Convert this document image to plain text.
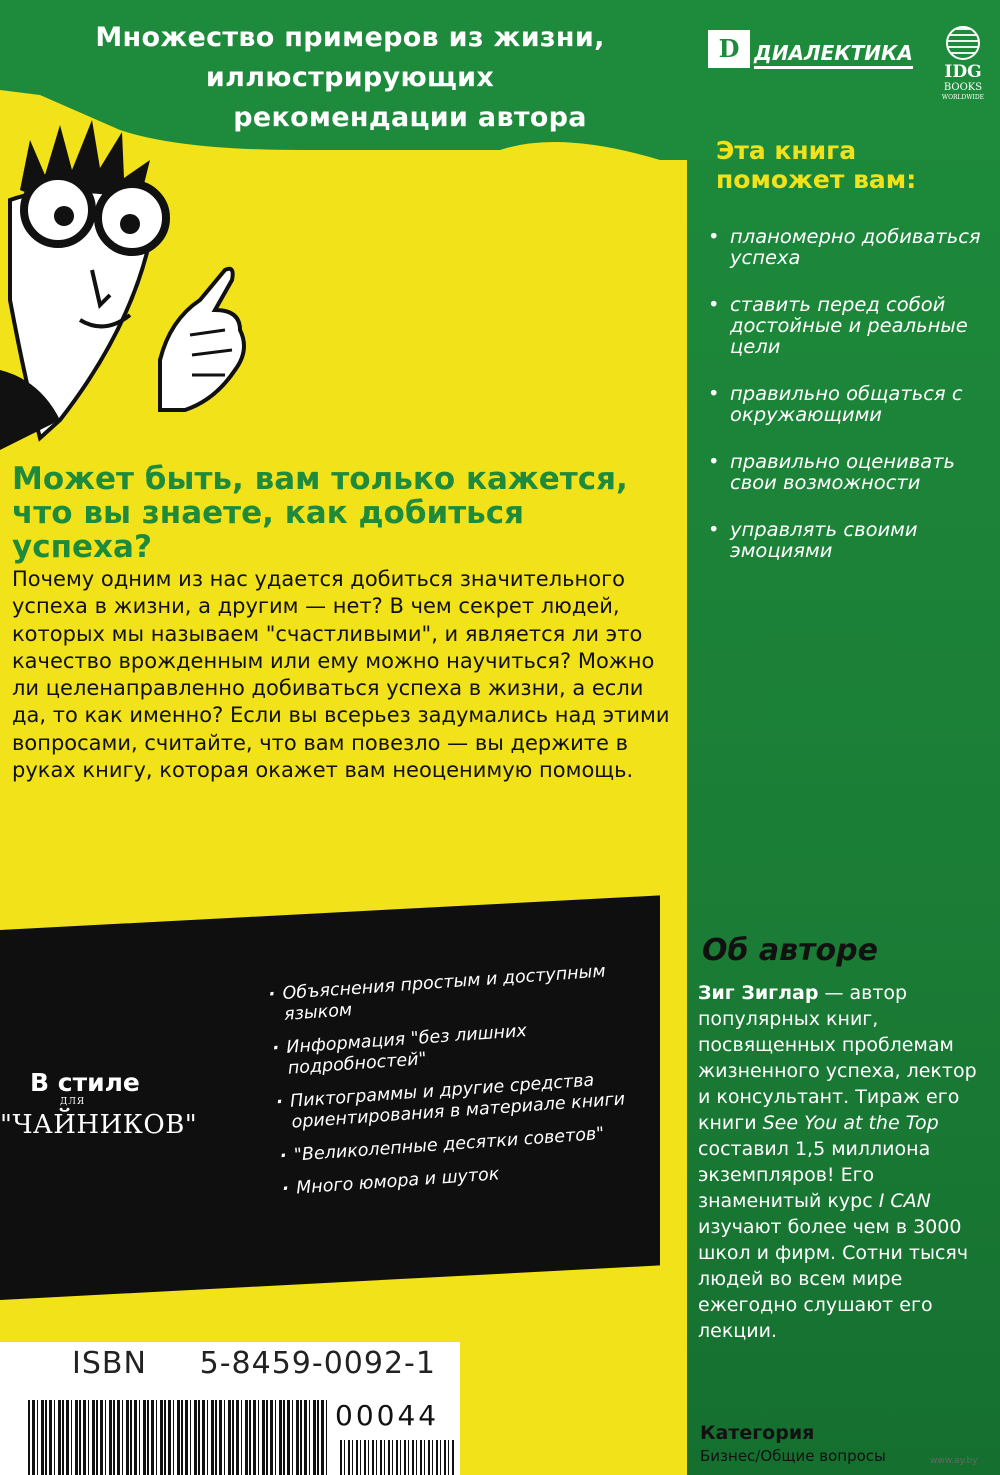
Множество примеров из жизни,
иллюстрирующих
рекомендации автора
D ДИАЛЕКТИКА
IDG
BOOKS
WORLDWIDE
Может быть, вам только кажется, что вы знаете, как добиться успеха?
Почему одним из нас удается добиться значительного успеха в жизни, а другим — нет? В чем секрет людей, которых мы называем "счастливыми", и является ли это качество врожденным или ему можно научиться? Можно ли целенаправленно добиваться успеха в жизни, а если да, то как именно? Если вы всерьез задумались над этими вопросами, считайте, что вам повезло — вы держите в руках книгу, которая окажет вам неоценимую помощь.
В стиле
ДЛЯ
"ЧАЙНИКОВ"
· Объяснения простым и доступным языком
· Информация "без лишних подробностей"
· Пиктограммы и другие средства ориентирования в материале книги
· "Великолепные десятки советов"
· Много юмора и шуток
ISBN 5-8459-0092-1
00044
Эта книга
поможет вам:
• планомерно добиваться успеха
• ставить перед собой достойные и реальные цели
• правильно общаться с окружающими
• правильно оценивать свои возможности
• управлять своими эмоциями
Об авторе
Зиг Зиглар — автор популярных книг, посвященных проблемам жизненного успеха, лектор и консультант. Тираж его книги See You at the Top составил 1,5 миллиона экземпляров! Его знаменитый курс I CAN изучают более чем в 3000 школ и фирм. Сотни тысяч людей во всем мире ежегодно слушают его лекции.
Категория
Бизнес/Общие вопросы	www.ay.by
